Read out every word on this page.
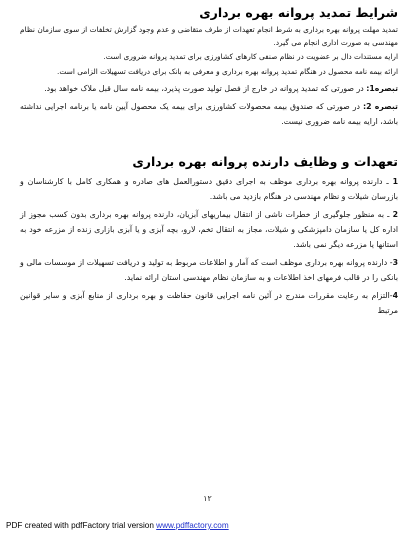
شرایط تمدید پروانه بهره برداری

تمدید مهلت پروانه بهره برداری به شرط انجام تعهدات از طرف متقاضی و عدم وجود گزارش تخلفات از سوی سازمان نظام مهندسی به صورت اداری انجام می گیرد.

ارایه مستندات دال بر عضویت در نظام صنفی کارهای کشاورزی برای تمدید پروانه ضروری است.

ارائه بیمه نامه محصول در هنگام تمدید پروانه بهره برداری و معرفی به بانک برای دریافت تسهیلات الزامی است.

تبصره1: در صورتی که تمدید پروانه در خارج از فصل تولید صورت پذیرد، بیمه نامه سال قبل ملاک خواهد بود.

تبصره 2: در صورتی که صندوق بیمه محصولات کشاورزی برای بیمه یک محصول آیین نامه یا برنامه اجرایی نداشته باشد، ارایه بیمه نامه ضروری نیست.

تعهدات و وظایف دارنده پروانه بهره برداری

1 ـ دارنده پروانه بهره برداری موظف به اجرای دقیق دستورالعمل های صادره و همکاری کامل با کارشناسان و بازرسان شیلات و نظام مهندسی در هنگام بازدید می باشد.

2 ـ به منظور جلوگیری از خطرات ناشی از انتقال بیماریهای آبزیان، دارنده پروانه بهره برداری بدون کسب مجوز از اداره کل یا سازمان دامپزشکی و شیلات، مجاز به انتقال تخم، لارو، بچه آبزی و یا آبزی بازاری زنده از مزرعه خود به استانها یا مزرعه دیگر نمی باشد.

3- دارنده پروانه بهره برداری موظف است که آمار و اطلاعات مربوط به تولید و دریافت تسهیلات از موسسات مالی و بانکی را در قالب فرمهای اخذ اطلاعات و به سازمان نظام مهندسی استان ارائه نماید.

4-التزام به رعایت مقررات مندرج در آئین نامه اجرایی قانون حفاظت و بهره برداری از منابع آبزی و سایر قوانین مرتبط

۱۲
PDF created with pdfFactory trial version www.pdffactory.com
